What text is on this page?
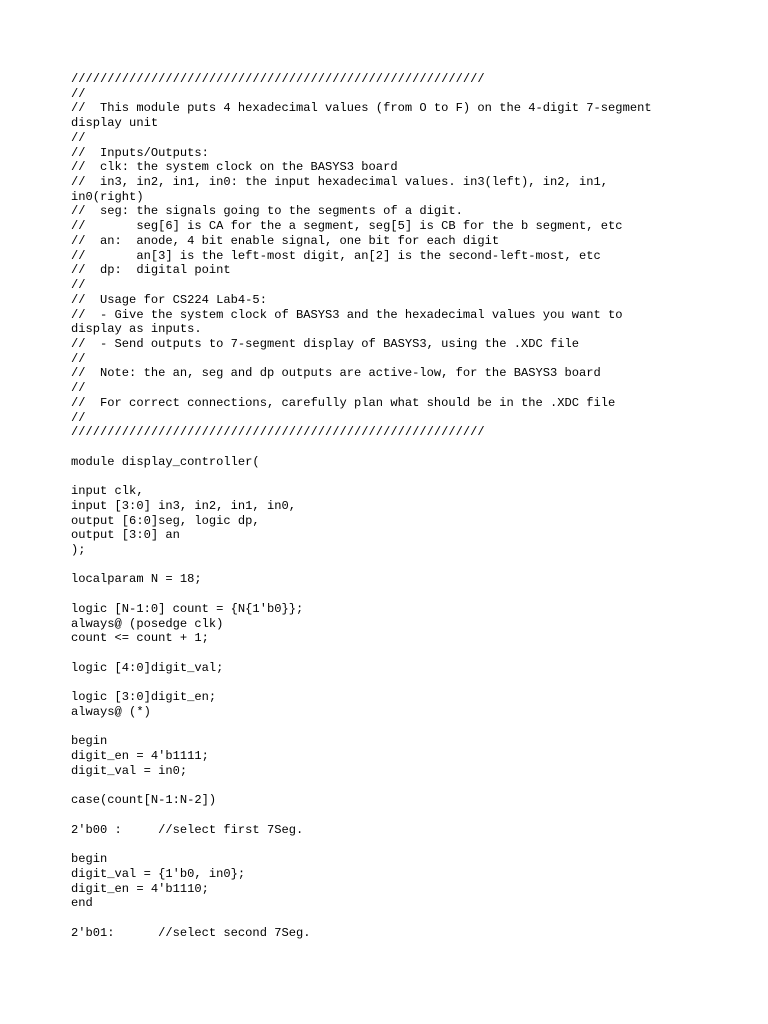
/////////////////////////////////////////////////////////
//
//  This module puts 4 hexadecimal values (from O to F) on the 4-digit 7-segment
display unit
//
//  Inputs/Outputs:
//  clk: the system clock on the BASYS3 board
//  in3, in2, in1, in0: the input hexadecimal values. in3(left), in2, in1,
in0(right)
//  seg: the signals going to the segments of a digit.
//       seg[6] is CA for the a segment, seg[5] is CB for the b segment, etc
//  an:  anode, 4 bit enable signal, one bit for each digit
//       an[3] is the left-most digit, an[2] is the second-left-most, etc
//  dp:  digital point
//
//  Usage for CS224 Lab4-5:
//  - Give the system clock of BASYS3 and the hexadecimal values you want to
display as inputs.
//  - Send outputs to 7-segment display of BASYS3, using the .XDC file
//
//  Note: the an, seg and dp outputs are active-low, for the BASYS3 board
//
//  For correct connections, carefully plan what should be in the .XDC file
//
/////////////////////////////////////////////////////////
module display_controller(
input clk,
input [3:0] in3, in2, in1, in0,
output [6:0]seg, logic dp,
output [3:0] an
);
localparam N = 18;
logic [N-1:0] count = {N{1'b0}};
always@ (posedge clk)
count <= count + 1;
logic [4:0]digit_val;
logic [3:0]digit_en;
always@ (*)
begin
digit_en = 4'b1111;
digit_val = in0;
case(count[N-1:N-2])
2'b00 :     //select first 7Seg.
begin
digit_val = {1'b0, in0};
digit_en = 4'b1110;
end
2'b01:      //select second 7Seg.
